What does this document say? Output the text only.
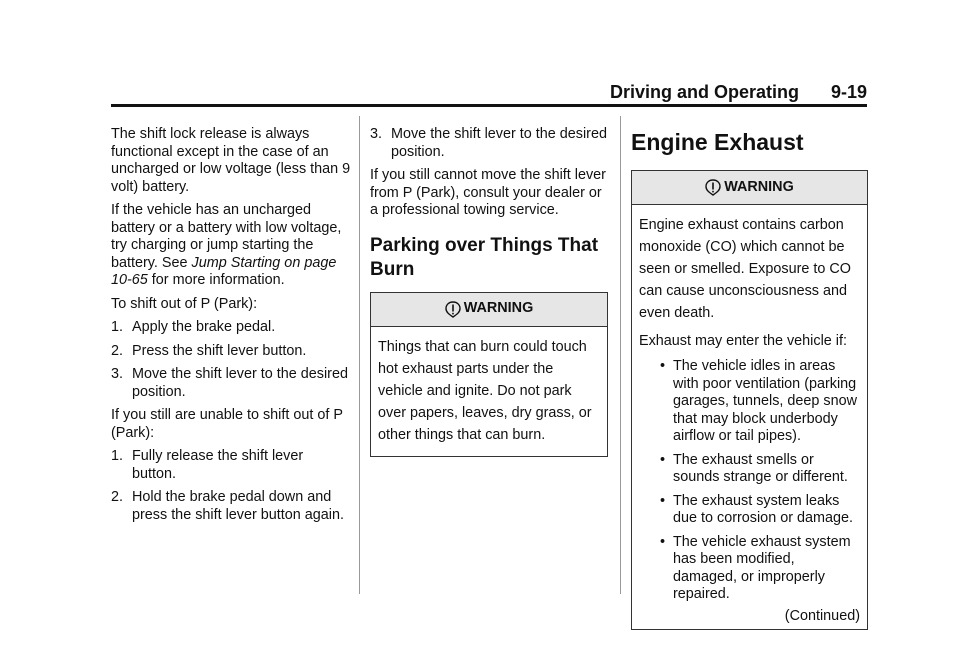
Driving and Operating 9-19

The shift lock release is always functional except in the case of an uncharged or low voltage (less than 9 volt) battery.

If the vehicle has an uncharged battery or a battery with low voltage, try charging or jump starting the battery. See Jump Starting on page 10-65 for more information.

To shift out of P (Park):

1. Apply the brake pedal.
2. Press the shift lever button.
3. Move the shift lever to the desired position.

If you still are unable to shift out of P (Park):

1. Fully release the shift lever button.
2. Hold the brake pedal down and press the shift lever button again.
3. Move the shift lever to the desired position.

If you still cannot move the shift lever from P (Park), consult your dealer or a professional towing service.

Parking over Things That Burn
WARNING

Things that can burn could touch hot exhaust parts under the vehicle and ignite. Do not park over papers, leaves, dry grass, or other things that can burn.

Engine Exhaust
WARNING

Engine exhaust contains carbon monoxide (CO) which cannot be seen or smelled. Exposure to CO can cause unconsciousness and even death.

Exhaust may enter the vehicle if:

• The vehicle idles in areas with poor ventilation (parking garages, tunnels, deep snow that may block underbody airflow or tail pipes).
• The exhaust smells or sounds strange or different.
• The exhaust system leaks due to corrosion or damage.
• The vehicle exhaust system has been modified, damaged, or improperly repaired.
(Continued)
